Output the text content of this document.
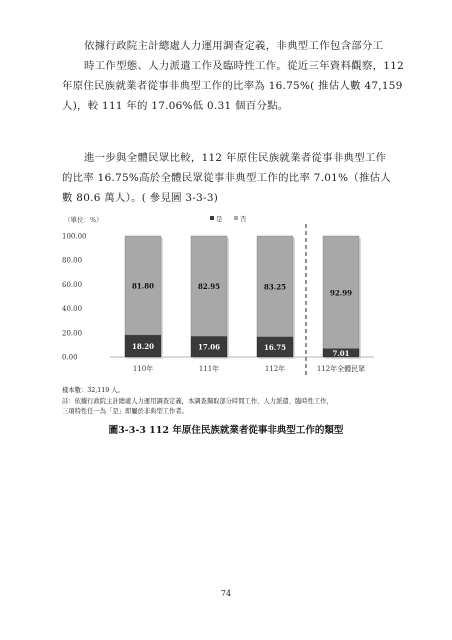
依據行政院主計總處人力運用調查定義，非典型工作包含部分工
時工作型態、人力派遣工作及臨時性工作。從近三年資料觀察，112
年原住民族就業者從事非典型工作的比率為 16.75%( 推估人數 47,159
人)，較 111 年的 17.06%低 0.31 個百分點。

進一步與全體民眾比較，112 年原住民族就業者從事非典型工作
的比率 16.75%高於全體民眾從事非典型工作的比率 7.01%（推估人
數 80.6 萬人）。( 參見圖 3-3-3)

（單位：%）	是	否
0.00
20.00
40.00
60.00
80.00
100.00
81.80
18.20
110年
82.95
17.06
111年
83.25
16.75
112年
92.99
7.01
112年全體民眾

樣本數：32,119 人。

註：依據行政院主計總處人力運用調查定義，本調查擷取部分時間工作、人力派遣、臨時性工作，

三項特性任一為「是」即屬於非典型工作者。

圖3-3-3 112 年原住民族就業者從事非典型工作的類型
74
